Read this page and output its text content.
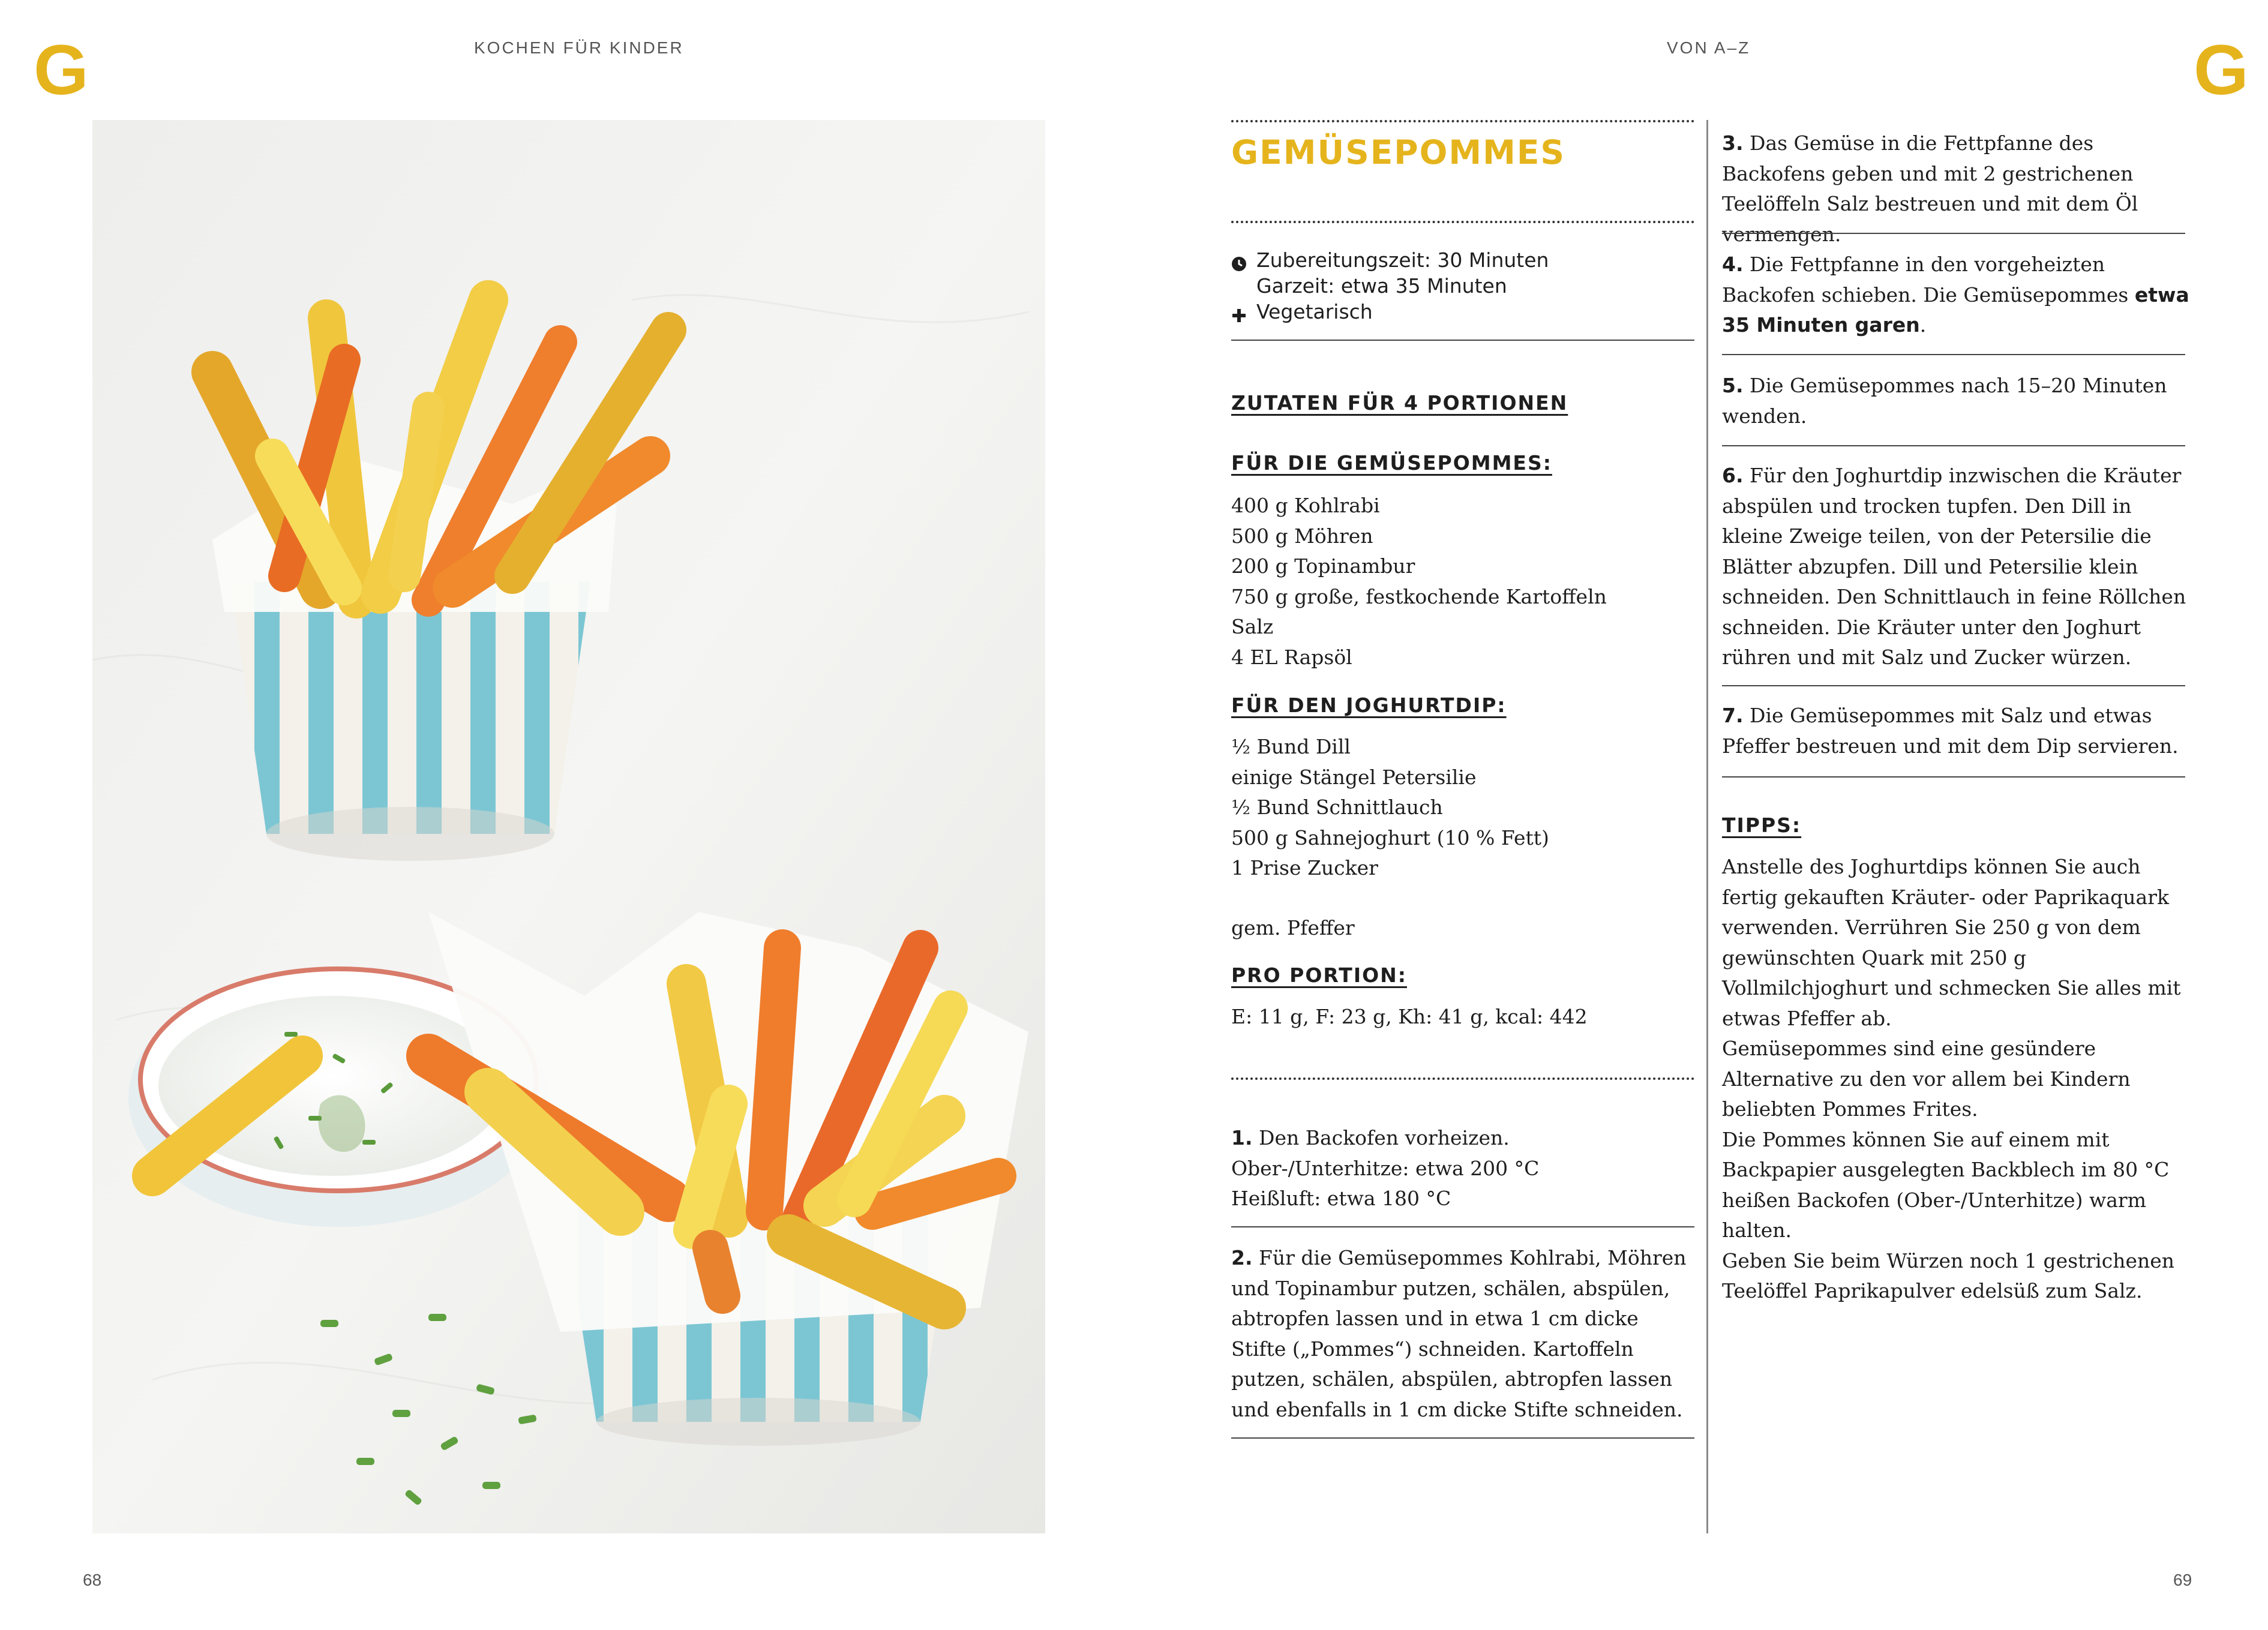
G	KOCHEN FÜR KINDER	VON A–Z	G
GEMÜSEPOMMES
Zubereitungszeit: 30 Minuten
Garzeit: etwa 35 Minuten
Vegetarisch
ZUTATEN FÜR 4 PORTIONEN
FÜR DIE GEMÜSEPOMMES:
400 g Kohlrabi
500 g Möhren
200 g Topinambur
750 g große, festkochende Kartoffeln
Salz
4 EL Rapsöl
FÜR DEN JOGHURTDIP:
½ Bund Dill
einige Stängel Petersilie
½ Bund Schnittlauch
500 g Sahnejoghurt (10 % Fett)
1 Prise Zucker
gem. Pfeffer
PRO PORTION:
E: 11 g, F: 23 g, Kh: 41 g, kcal: 442
1. Den Backofen vorheizen.
Ober-/Unterhitze: etwa 200 °C
Heißluft: etwa 180 °C
2. Für die Gemüsepommes Kohlrabi, Möhren und Topinambur putzen, schälen, abspülen, abtropfen lassen und in etwa 1 cm dicke Stifte („Pommes“) schneiden. Kartoffeln putzen, schälen, abspülen, abtropfen lassen und ebenfalls in 1 cm dicke Stifte schneiden.
3. Das Gemüse in die Fettpfanne des Backofens geben und mit 2 gestrichenen Teelöffeln Salz bestreuen und mit dem Öl vermengen.
4. Die Fettpfanne in den vorgeheizten Backofen schieben. Die Gemüsepommes etwa 35 Minuten garen.
5. Die Gemüsepommes nach 15–20 Minuten wenden.
6. Für den Joghurtdip inzwischen die Kräuter abspülen und trocken tupfen. Den Dill in kleine Zweige teilen, von der Petersilie die Blätter abzupfen. Dill und Petersilie klein schneiden. Den Schnittlauch in feine Röllchen schneiden. Die Kräuter unter den Joghurt rühren und mit Salz und Zucker würzen.
7. Die Gemüsepommes mit Salz und etwas Pfeffer bestreuen und mit dem Dip servieren.
TIPPS:
Anstelle des Joghurtdips können Sie auch fertig gekauften Kräuter- oder Paprikaquark verwenden. Verrühren Sie 250 g von dem gewünschten Quark mit 250 g Vollmilchjoghurt und schmecken Sie alles mit etwas Pfeffer ab.
Gemüsepommes sind eine gesündere Alternative zu den vor allem bei Kindern beliebten Pommes Frites.
Die Pommes können Sie auf einem mit Backpapier ausgelegten Backblech im 80 °C heißen Backofen (Ober-/Unterhitze) warm halten.
Geben Sie beim Würzen noch 1 gestrichenen Teelöffel Paprikapulver edelsüß zum Salz.
68	69
